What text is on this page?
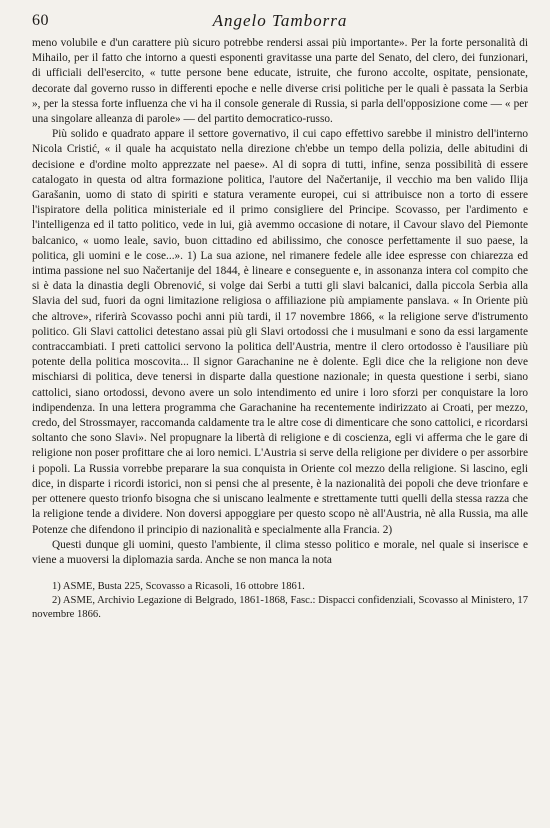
60	Angelo Tamborra

meno volubile e d'un carattere più sicuro potrebbe rendersi assai più importante». Per la forte personalità di Mihailo, per il fatto che intorno a questi esponenti gravitasse una parte del Senato, del clero, dei funzionari, di ufficiali dell'esercito, « tutte persone bene educate, istruite, che furono accolte, ospitate, pensionate, decorate dal governo russo in differenti epoche e nelle diverse crisi politiche per le quali è passata la Serbia », per la stessa forte influenza che vi ha il console generale di Russia, si parla dell'opposizione come — « per una singolare alleanza di parole» — del partito democratico-russo.

Più solido e quadrato appare il settore governativo, il cui capo effettivo sarebbe il ministro dell'interno Nicola Cristić, « il quale ha acquistato nella direzione ch'ebbe un tempo della polizia, delle abitudini di decisione e d'ordine molto apprezzate nel paese». Al di sopra di tutti, infine, senza possibilità di essere catalogato in questa od altra formazione politica, l'autore del Načertanije, il vecchio ma ben valido Ilija Garašanin, uomo di stato di spiriti e statura veramente europei, cui si attribuisce non a torto di essere l'ispiratore della politica ministeriale ed il primo consigliere del Principe. Scovasso, per l'ardimento e l'intelligenza ed il tatto politico, vede in lui, già avemmo occasione di notare, il Cavour slavo del Piemonte balcanico, « uomo leale, savio, buon cittadino ed abilissimo, che conosce perfettamente il suo paese, la politica, gli uomini e le cose...». 1) La sua azione, nel rimanere fedele alle idee espresse con chiarezza ed intima passione nel suo Načertanije del 1844, è lineare e conseguente e, in assonanza intera col compito che si è data la dinastia degli Obrenović, si volge dai Serbi a tutti gli slavi balcanici, dalla piccola Serbia alla Slavia del sud, fuori da ogni limitazione religiosa o affiliazione più ampiamente panslava. « In Oriente più che altrove», riferirà Scovasso pochi anni più tardi, il 17 novembre 1866, « la religione serve d'istrumento politico. Gli Slavi cattolici detestano assai più gli Slavi ortodossi che i musulmani e sono da essi largamente contraccambiati. I preti cattolici servono la politica dell'Austria, mentre il clero ortodosso è l'ausiliare più potente della politica moscovita... Il signor Garachanine ne è dolente. Egli dice che la religione non deve mischiarsi di politica, deve tenersi in disparte dalla questione nazionale; in questa questione i serbi, siano cattolici, siano ortodossi, devono avere un solo intendimento ed unire i loro sforzi per conquistare la loro indipendenza. In una lettera programma che Garachanine ha recentemente indirizzato ai Croati, per mezzo, credo, del Strossmayer, raccomanda caldamente tra le altre cose di dimenticare che sono cattolici, e ricordarsi soltanto che sono Slavi». Nel propugnare la libertà di religione e di coscienza, egli vi afferma che le gare di religione non poser profittare che ai loro nemici. L'Austria si serve della religione per dividere o per assorbire i popoli. La Russia vorrebbe preparare la sua conquista in Oriente col mezzo della religione. Si lascino, egli dice, in disparte i ricordi istorici, non si pensi che al presente, è la nazionalità dei popoli che deve trionfare e per ottenere questo trionfo bisogna che si uniscano lealmente e strettamente tutti quelli della stessa razza che la religione tende a dividere. Non doversi appoggiare per questo scopo nè all'Austria, nè alla Russia, ma alle Potenze che difendono il principio di nazionalità e specialmente alla Francia. 2)

Questi dunque gli uomini, questo l'ambiente, il clima stesso politico e morale, nel quale si inserisce e viene a muoversi la diplomazia sarda. Anche se non manca la nota

1) ASME, Busta 225, Scovasso a Ricasoli, 16 ottobre 1861.

2) ASME, Archivio Legazione di Belgrado, 1861-1868, Fasc.: Dispacci confidenziali, Scovasso al Ministero, 17 novembre 1866.
